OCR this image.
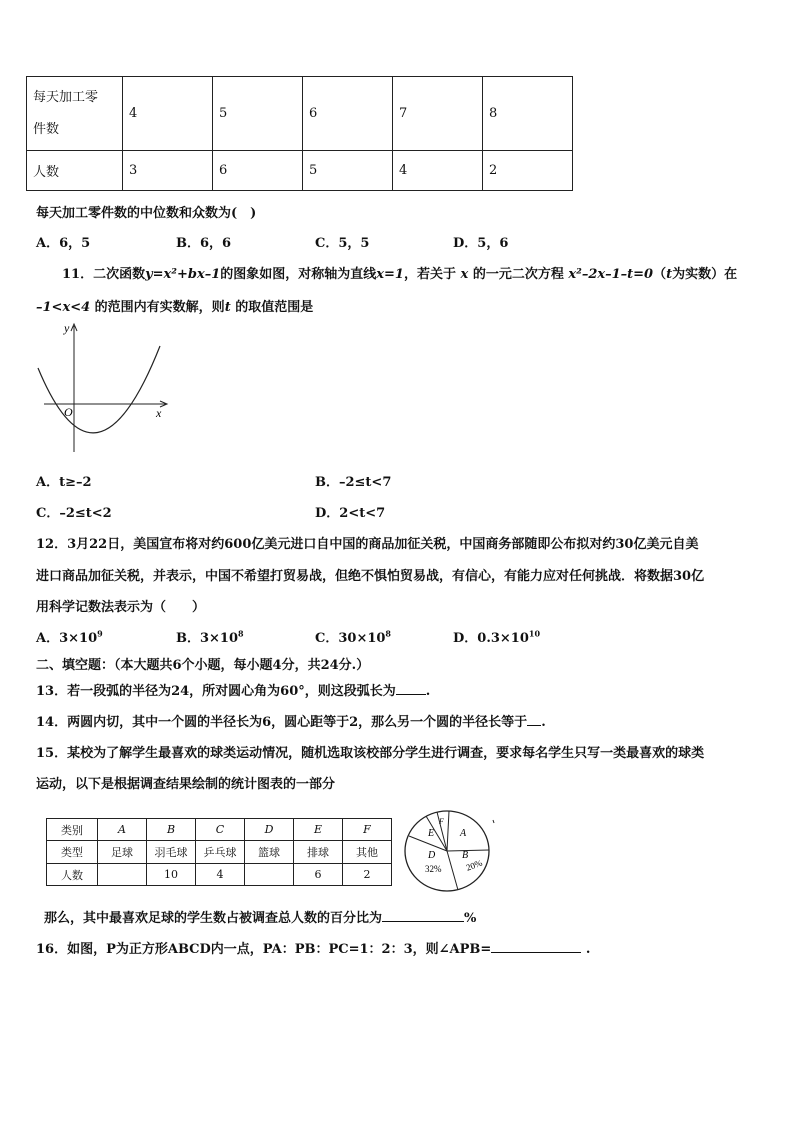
每天加工零
件数	4	5	6	7	8
人数	3	6	5	4	2
每天加工零件数的中位数和众数为(　)
A．6，5	B．6，6	C．5，5	D．5，6
11．二次函数y=x²+bx–1的图象如图，对称轴为直线x=1，若关于 x 的一元二次方程 x²–2x–1–t=0（t为实数）在
–1<x<4 的范围内有实数解，则t 的取值范围是
y
O	x
A．t≥–2	B．–2≤t<7
C．–2≤t<2	D．2<t<7
12．3月22日，美国宣布将对约600亿美元进口自中国的商品加征关税，中国商务部随即公布拟对约30亿美元自美
进口商品加征关税，并表示，中国不希望打贸易战，但绝不惧怕贸易战，有信心，有能力应对任何挑战．将数据30亿
用科学记数法表示为（　　）
A．$3\times 10^9$	B．$3\times 10^8$	C．$30\times 10^8$	D．$0.3\times 10^{10}$
二、填空题：（本大题共6个小题，每小题4分，共24分.）
13．若一段弧的半径为24，所对圆心角为60°，则这段弧长为 .
14．两圆内切，其中一个圆的半径长为6，圆心距等于2，那么另一个圆的半径长等于 .
15．某校为了解学生最喜欢的球类运动情况，随机选取该校部分学生进行调查，要求每名学生只写一类最喜欢的球类
运动，以下是根据调查结果绘制的统计图表的一部分
类别	A	B	C	D	E	F
类型	足球	羽毛球	乒乓球	篮球	排球	其他
人数		10	4		6	2
A
B
20%
D
32%
E
F
那么，其中最喜欢足球的学生数占被调查总人数的百分比为	%
16．如图，P为正方形ABCD内一点，PA：PB：PC=1：2：3，则∠APB=	.
